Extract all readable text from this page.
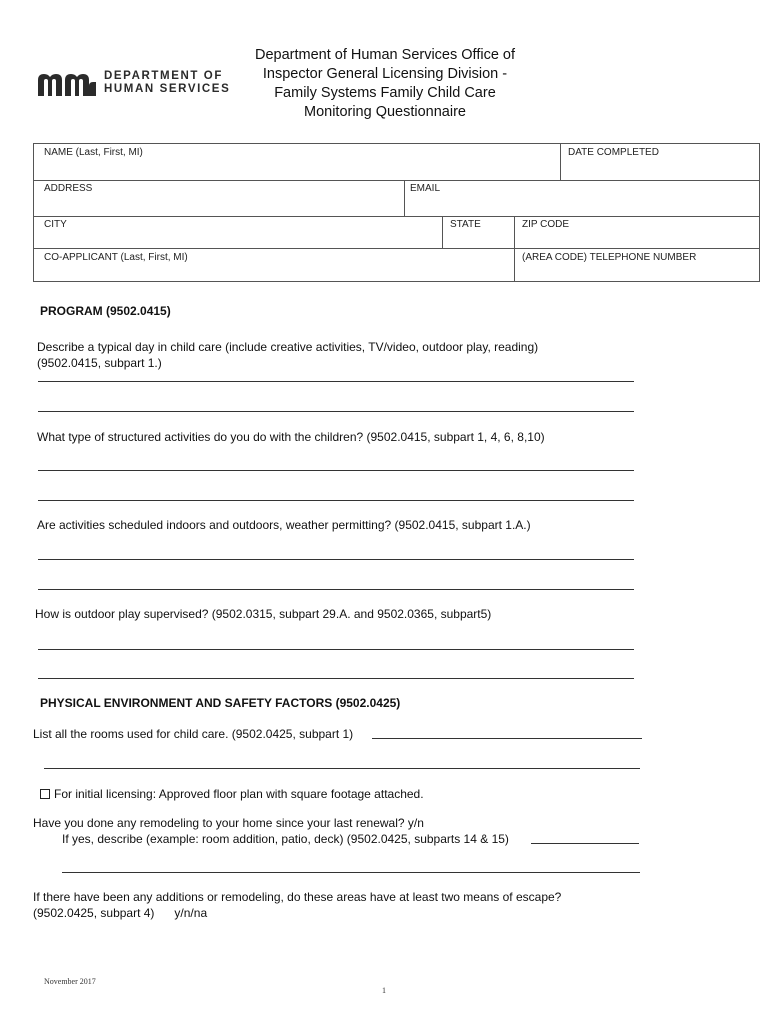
DEPARTMENT OF
HUMAN SERVICES
Department of Human Services Office of
Inspector General Licensing Division -
Family Systems Family Child Care
Monitoring Questionnaire
NAME (Last, First, MI)	DATE COMPLETED
ADDRESS	EMAIL
CITY	STATE	ZIP CODE
CO-APPLICANT (Last, First, MI)	(AREA CODE) TELEPHONE NUMBER
PROGRAM (9502.0415)
Describe a typical day in child care (include creative activities, TV/video, outdoor play, reading)
(9502.0415, subpart 1.)
What type of structured activities do you do with the children? (9502.0415, subpart 1, 4, 6, 8,10)
Are activities scheduled indoors and outdoors, weather permitting? (9502.0415, subpart 1.A.)
How is outdoor play supervised? (9502.0315, subpart 29.A. and 9502.0365, subpart5)
PHYSICAL ENVIRONMENT AND SAFETY FACTORS (9502.0425)
List all the rooms used for child care. (9502.0425, subpart 1)
For initial licensing: Approved floor plan with square footage attached.
Have you done any remodeling to your home since your last renewal? y/n
If yes, describe (example: room addition, patio, deck) (9502.0425, subparts 14 & 15)
If there have been any additions or remodeling, do these areas have at least two means of escape?
(9502.0425, subpart 4)      y/n/na
November 2017
1
